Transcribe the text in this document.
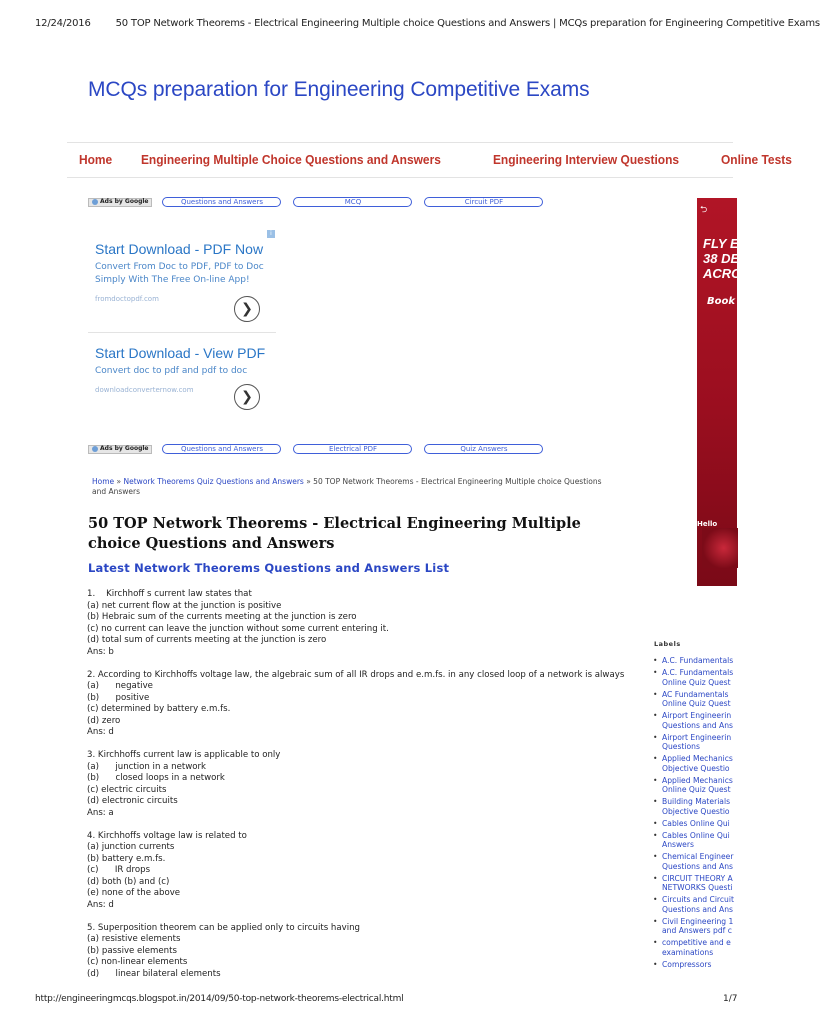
12/24/2016 50 TOP Network Theorems - Electrical Engineering Multiple choice Questions and Answers | MCQs preparation for Engineering Competitive Exams
MCQs preparation for Engineering Competitive Exams
Home	Engineering Multiple Choice Questions and Answers	Engineering Interview Questions	Online Tests
Ads by Google	Questions and Answers	MCQ	Circuit PDF
i
Start Download - PDF Now
Convert From Doc to PDF, PDF to Doc Simply With The Free On-line App!
fromdoctopdf.com
❯
Start Download - View PDF
Convert doc to pdf and pdf to doc
downloadconverternow.com	❯
Ads by Google	Questions and Answers	Electrical PDF	Quiz Answers
Home » Network Theorems Quiz Questions and Answers » 50 TOP Network Theorems - Electrical Engineering Multiple choice Questions and Answers
50 TOP Network Theorems - Electrical Engineering Multiple choice Questions and Answers
Latest Network Theorems Questions and Answers List
1.    Kirchhoff s current law states that
(a) net current flow at the junction is positive
(b) Hebraic sum of the currents meeting at the junction is zero
(c) no current can leave the junction without some current entering it.
(d) total sum of currents meeting at the junction is zero
Ans: b
2. According to Kirchhoffs voltage law, the algebraic sum of all IR drops and e.m.fs. in any closed loop of a network is always
(a)      negative
(b)      positive
(c) determined by battery e.m.fs.
(d) zero
Ans: d
3. Kirchhoffs current law is applicable to only
(a)      junction in a network
(b)      closed loops in a network
(c) electric circuits
(d) electronic circuits
Ans: a
4. Kirchhoffs voltage law is related to
(a) junction currents
(b) battery e.m.fs.
(c)      IR drops
(d) both (b) and (c)
(e) none of the above
Ans: d
5. Superposition theorem can be applied only to circuits having
(a) resistive elements
(b) passive elements
(c) non-linear elements
(d)      linear bilateral elements
⮌
FLY EI
38 DE
ACROS
Book n
Hello
Labels
• A.C. Fundamentals
• A.C. Fundamentals
Online Quiz Quest
• AC Fundamentals
Online Quiz Quest
• Airport Engineerin
Questions and Ans
• Airport Engineerin
Questions
• Applied Mechanics
Objective Questio
• Applied Mechanics
Online Quiz Quest
• Building Materials
Objective Questio
• Cables Online Qui
• Cables Online Qui
Answers
• Chemical Engineer
Questions and Ans
• CIRCUIT THEORY A
NETWORKS Questi
• Circuits and Circuit
Questions and Ans
• Civil Engineering 1
and Answers pdf c
• competitive and e
examinations
• Compressors
http://engineeringmcqs.blogspot.in/2014/09/50-top-network-theorems-electrical.html	1/7
